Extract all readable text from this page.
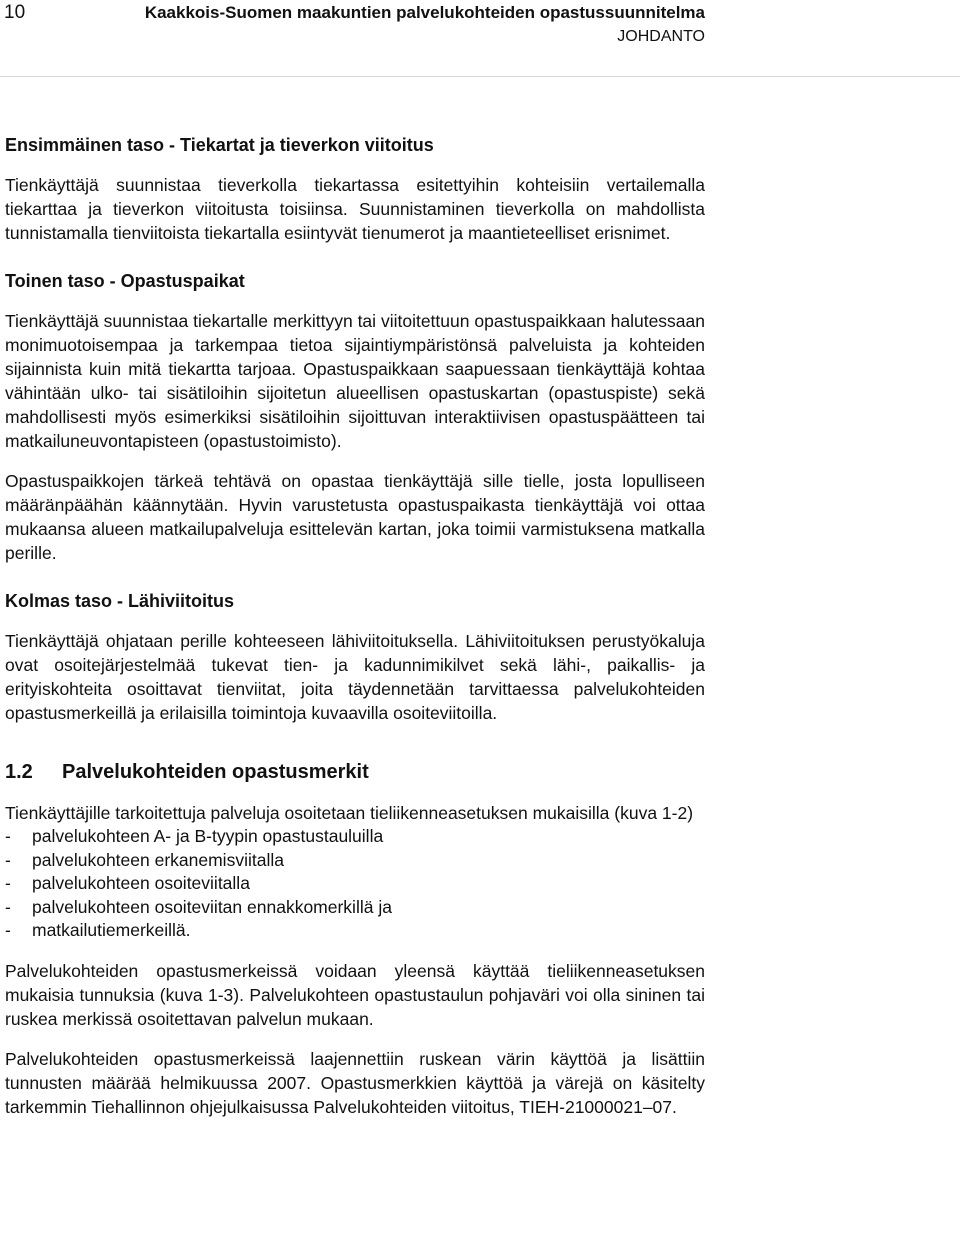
10	Kaakkois-Suomen maakuntien palvelukohteiden opastussuunnitelma
JOHDANTO
Ensimmäinen taso - Tiekartat ja tieverkon viitoitus

Tienkäyttäjä suunnistaa tieverkolla tiekartassa esitettyihin kohteisiin vertailemalla tiekarttaa ja tieverkon viitoitusta toisiinsa. Suunnistaminen tieverkolla on mahdollista tunnistamalla tienviitoista tiekartalla esiintyvät tienumerot ja maantieteelliset erisnimet.

Toinen taso - Opastuspaikat

Tienkäyttäjä suunnistaa tiekartalle merkittyyn tai viitoitettuun opastuspaikkaan halutessaan monimuotoisempaa ja tarkempaa tietoa sijaintiympäristönsä palveluista ja kohteiden sijainnista kuin mitä tiekartta tarjoaa. Opastuspaikkaan saapuessaan tienkäyttäjä kohtaa vähintään ulko- tai sisätiloihin sijoitetun alueellisen opastuskartan (opastuspiste) sekä mahdollisesti myös esimerkiksi sisätiloihin sijoittuvan interaktiivisen opastuspäätteen tai matkailuneuvontapisteen (opastustoimisto).

Opastuspaikkojen tärkeä tehtävä on opastaa tienkäyttäjä sille tielle, josta lopulliseen määränpäähän käännytään. Hyvin varustetusta opastuspaikasta tienkäyttäjä voi ottaa mukaansa alueen matkailupalveluja esittelevän kartan, joka toimii varmistuksena matkalla perille.

Kolmas taso - Lähiviitoitus

Tienkäyttäjä ohjataan perille kohteeseen lähiviitoituksella. Lähiviitoituksen perustyökaluja ovat osoitejärjestelmää tukevat tien- ja kadunnimikilvet sekä lähi-, paikallis- ja erityiskohteita osoittavat tienviitat, joita täydennetään tarvittaessa palvelukohteiden opastusmerkeillä ja erilaisilla toimintoja kuvaavilla osoiteviitoilla.

1.2 Palvelukohteiden opastusmerkit

Tienkäyttäjille tarkoitettuja palveluja osoitetaan tieliikenneasetuksen mukaisilla (kuva 1-2)

- palvelukohteen A- ja B-tyypin opastustauluilla
- palvelukohteen erkanemisviitalla
- palvelukohteen osoiteviitalla
- palvelukohteen osoiteviitan ennakkomerkillä ja
- matkailutiemerkeillä.

Palvelukohteiden opastusmerkeissä voidaan yleensä käyttää tieliikenneasetuksen mukaisia tunnuksia (kuva 1-3). Palvelukohteen opastustaulun pohjaväri voi olla sininen tai ruskea merkissä osoitettavan palvelun mukaan.

Palvelukohteiden opastusmerkeissä laajennettiin ruskean värin käyttöä ja lisättiin tunnusten määrää helmikuussa 2007. Opastusmerkkien käyttöä ja värejä on käsitelty tarkemmin Tiehallinnon ohjejulkaisussa Palvelukohteiden viitoitus, TIEH-21000021–07.
